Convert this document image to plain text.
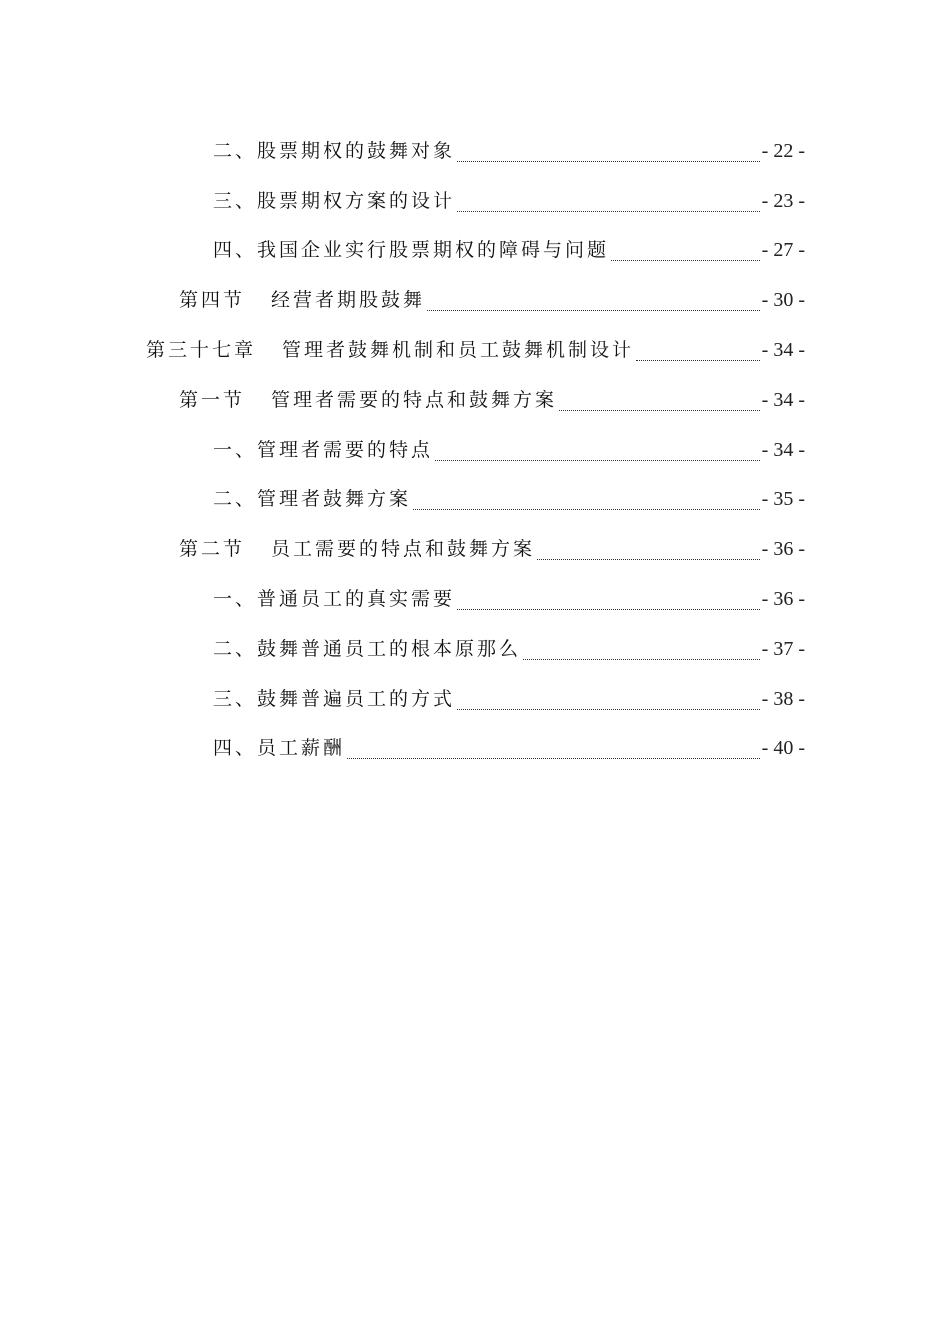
二、股票期权的鼓舞对象	- 22 -
三、股票期权方案的设计	- 23 -
四、我国企业实行股票期权的障碍与问题	- 27 -
第四节 经营者期股鼓舞	- 30 -
第三十七章 管理者鼓舞机制和员工鼓舞机制设计	- 34 -
第一节 管理者需要的特点和鼓舞方案	- 34 -
一、管理者需要的特点	- 34 -
二、管理者鼓舞方案	- 35 -
第二节 员工需要的特点和鼓舞方案	- 36 -
一、普通员工的真实需要	- 36 -
二、鼓舞普通员工的根本原那么	- 37 -
三、鼓舞普遍员工的方式	- 38 -
四、员工薪酬	- 40 -
